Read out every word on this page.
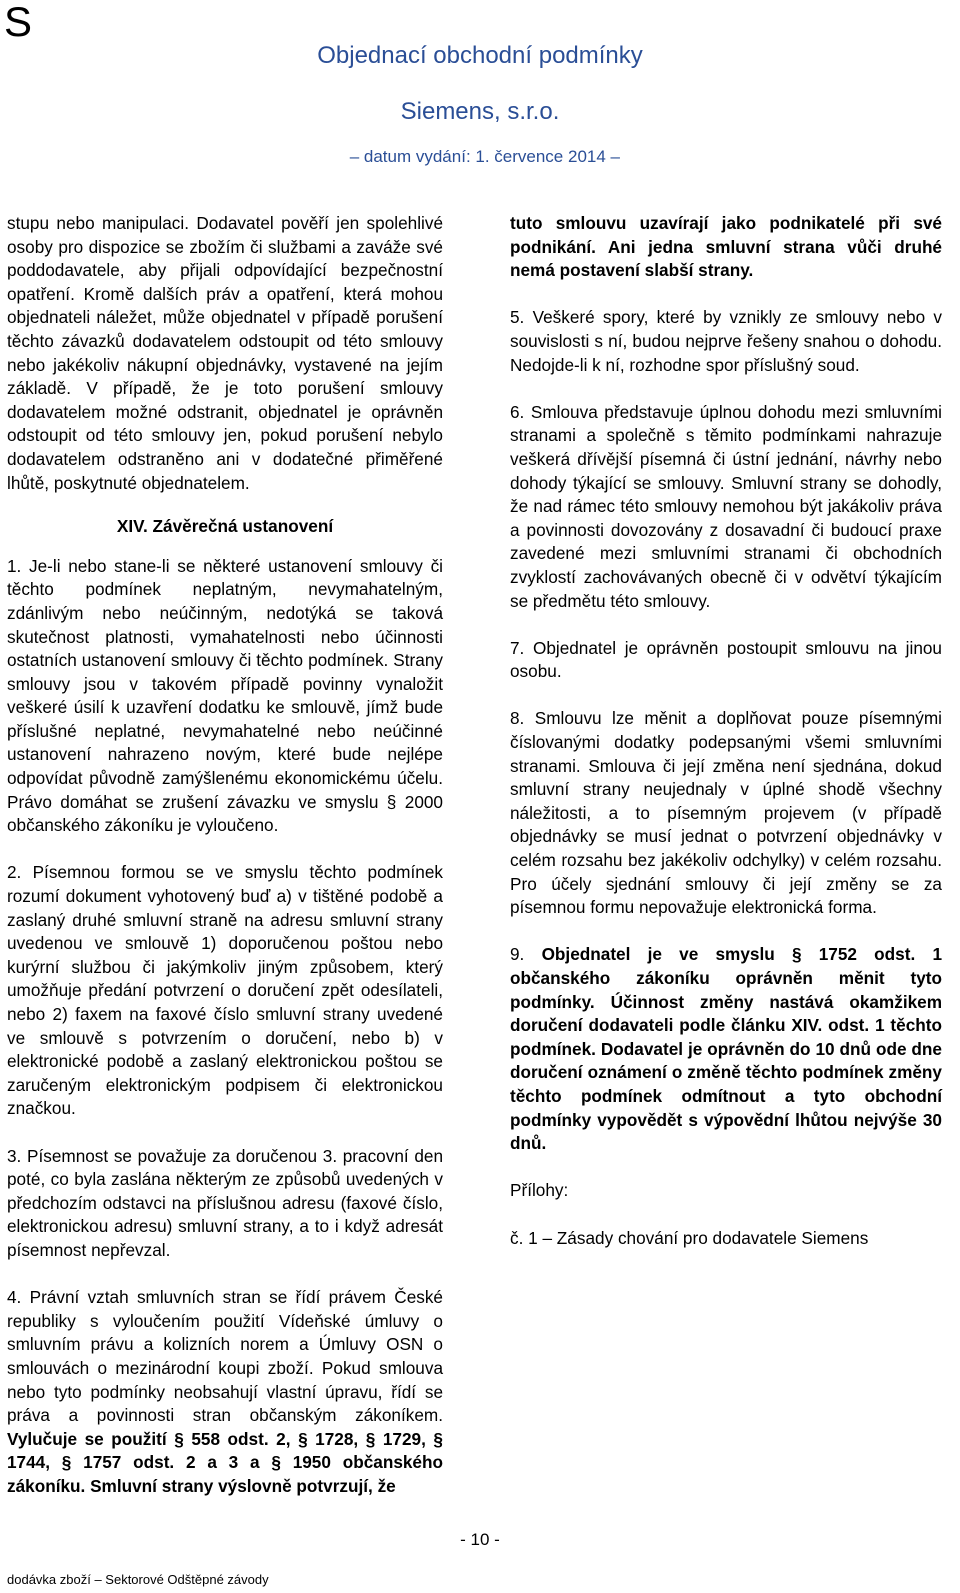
S
Objednací obchodní podmínky
Siemens, s.r.o.
– datum vydání: 1. července 2014 –

stupu nebo manipulaci. Dodavatel pověří jen spolehlivé osoby pro dispozice se zbožím či službami a zaváže své poddodavatele, aby přijali odpovídající bezpečnostní opatření. Kromě dalších práv a opatření, která mohou objednateli náležet, může objednatel v případě porušení těchto závazků dodavatelem odstoupit od této smlouvy nebo jakékoliv nákupní objednávky, vystavené na jejím základě. V případě, že je toto porušení smlouvy dodavatelem možné odstranit, objednatel je oprávněn odstoupit od této smlouvy jen, pokud porušení nebylo dodavatelem odstraněno ani v dodatečné přiměřené lhůtě, poskytnuté objednatelem.

XIV. Závěrečná ustanovení

1. Je-li nebo stane-li se některé ustanovení smlouvy či těchto podmínek neplatným, nevymahatelným, zdánlivým nebo neúčinným, nedotýká se taková skutečnost platnosti, vymahatelnosti nebo účinnosti ostatních ustanovení smlouvy či těchto podmínek. Strany smlouvy jsou v takovém případě povinny vynaložit veškeré úsilí k uzavření dodatku ke smlouvě, jímž bude příslušné neplatné, nevymahatelné nebo neúčinné ustanovení nahrazeno novým, které bude nejlépe odpovídat původně zamýšlenému ekonomickému účelu. Právo domáhat se zrušení závazku ve smyslu § 2000 občanského zákoníku je vyloučeno.

2. Písemnou formou se ve smyslu těchto podmínek rozumí dokument vyhotovený buď a) v tištěné podobě a zaslaný druhé smluvní straně na adresu smluvní strany uvedenou ve smlouvě 1) doporučenou poštou nebo kurýrní službou či jakýmkoliv jiným způsobem, který umožňuje předání potvrzení o doručení zpět odesílateli, nebo 2) faxem na faxové číslo smluvní strany uvedené ve smlouvě s potvrzením o doručení, nebo b) v elektronické podobě a zaslaný elektronickou poštou se zaručeným elektronickým podpisem či elektronickou značkou.

3. Písemnost se považuje za doručenou 3. pracovní den poté, co byla zaslána některým ze způsobů uvedených v předchozím odstavci na příslušnou adresu (faxové číslo, elektronickou adresu) smluvní strany, a to i když adresát písemnost nepřevzal.

4. Právní vztah smluvních stran se řídí právem České republiky s vyloučením použití Vídeňské úmluvy o smluvním právu a kolizních norem a Úmluvy OSN o smlouvách o mezinárodní koupi zboží. Pokud smlouva nebo tyto podmínky neobsahují vlastní úpravu, řídí se práva a povinnosti stran občanským zákoníkem. Vylučuje se použití § 558 odst. 2, § 1728, § 1729, § 1744, § 1757 odst. 2 a 3 a § 1950 občanského zákoníku. Smluvní strany výslovně potvrzují, že

tuto smlouvu uzavírají jako podnikatelé při své podnikání. Ani jedna smluvní strana vůči druhé nemá postavení slabší strany.

5. Veškeré spory, které by vznikly ze smlouvy nebo v souvislosti s ní, budou nejprve řešeny snahou o dohodu. Nedojde-li k ní, rozhodne spor příslušný soud.

6. Smlouva představuje úplnou dohodu mezi smluvními stranami a společně s těmito podmínkami nahrazuje veškerá dřívější písemná či ústní jednání, návrhy nebo dohody týkající se smlouvy. Smluvní strany se dohodly, že nad rámec této smlouvy nemohou být jakákoliv práva a povinnosti dovozovány z dosavadní či budoucí praxe zavedené mezi smluvními stranami či obchodních zvyklostí zachovávaných obecně či v odvětví týkajícím se předmětu této smlouvy.

7. Objednatel je oprávněn postoupit smlouvu na jinou osobu.

8. Smlouvu lze měnit a doplňovat pouze písemnými číslovanými dodatky podepsanými všemi smluvními stranami. Smlouva či její změna není sjednána, dokud smluvní strany neujednaly v úplné shodě všechny náležitosti, a to písemným projevem (v případě objednávky se musí jednat o potvrzení objednávky v celém rozsahu bez jakékoliv odchylky) v celém rozsahu. Pro účely sjednání smlouvy či její změny se za písemnou formu nepovažuje elektronická forma.

9. Objednatel je ve smyslu § 1752 odst. 1 občanského zákoníku oprávněn měnit tyto podmínky. Účinnost změny nastává okamžikem doručení dodavateli podle článku XIV. odst. 1 těchto podmínek. Dodavatel je oprávněn do 10 dnů ode dne doručení oznámení o změně těchto podmínek změny těchto podmínek odmítnout a tyto obchodní podmínky vypovědět s výpovědní lhůtou nejvýše 30 dnů.

Přílohy:

č. 1 – Zásady chování pro dodavatele Siemens

- 10 -
dodávka zboží – Sektorové Odštěpné závody
